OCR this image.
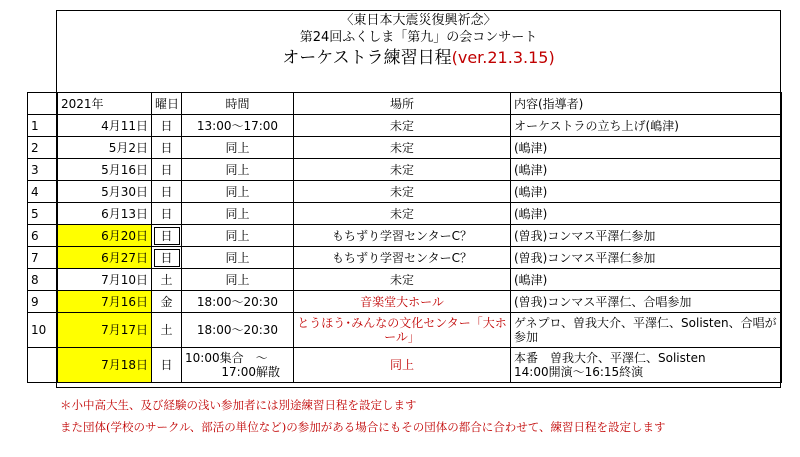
〈東日本大震災復興祈念〉
第24回ふくしま「第九」の会コンサート
オーケストラ練習日程(ver.21.3.15)
	2021年	曜日	時間	場所	内容(指導者)
1	4月11日	日	13:00～17:00	未定	オーケストラの立ち上げ(嶋津)
2	5月2日	日	同上	未定	(嶋津)
3	5月16日	日	同上	未定	(嶋津)
4	5月30日	日	同上	未定	(嶋津)
5	6月13日	日	同上	未定	(嶋津)
6	6月20日	日	同上	もちずり学習センターC？	(曽我)コンマス平澤仁参加
7	6月27日	日	同上	もちずり学習センターC？	(曽我)コンマス平澤仁参加
8	7月10日	土	同上	未定	(嶋津)
9	7月16日	金	18:00～20:30	音楽堂大ホール	(曽我)コンマス平澤仁、合唱参加
10	7月17日	土	18:00～20:30	とうほう･みんなの文化センター「大ホール」	ゲネプロ、曽我大介、平澤仁、Solisten、合唱が参加
	7月18日	日	10:00集合　～
17:00解散	同上	本番　曽我大介、平澤仁、Solisten
14:00開演～16:15終演
＊小中高大生、及び経験の浅い参加者には別途練習日程を設定します
また団体(学校のサークル、部活の単位など)の参加がある場合にもその団体の都合に合わせて、練習日程を設定します
